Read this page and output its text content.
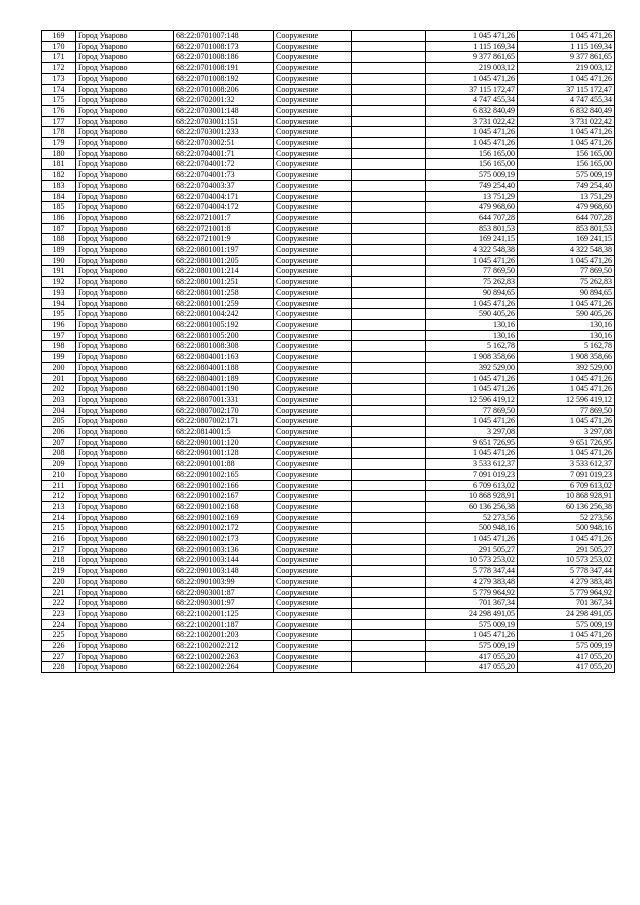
169	Город Уварово	68:22:0701007:148	Сооружение		1 045 471,26	1 045 471,26
170	Город Уварово	68:22:0701008:173	Сооружение		1 115 169,34	1 115 169,34
171	Город Уварово	68:22:0701008:186	Сооружение		9 377 861,65	9 377 861,65
172	Город Уварово	68:22:0701008:191	Сооружение		219 003,12	219 003,12
173	Город Уварово	68:22:0701008:192	Сооружение		1 045 471,26	1 045 471,26
174	Город Уварово	68:22:0701008:206	Сооружение		37 115 172,47	37 115 172,47
175	Город Уварово	68:22:0702001:32	Сооружение		4 747 455,34	4 747 455,34
176	Город Уварово	68:22:0703001:148	Сооружение		6 832 840,49	6 832 840,49
177	Город Уварово	68:22:0703001:151	Сооружение		3 731 022,42	3 731 022,42
178	Город Уварово	68:22:0703001:233	Сооружение		1 045 471,26	1 045 471,26
179	Город Уварово	68:22:0703002:51	Сооружение		1 045 471,26	1 045 471,26
180	Город Уварово	68:22:0704001:71	Сооружение		156 165,00	156 165,00
181	Город Уварово	68:22:0704001:72	Сооружение		156 165,00	156 165,00
182	Город Уварово	68:22:0704001:73	Сооружение		575 009,19	575 009,19
183	Город Уварово	68:22:0704003:37	Сооружение		749 254,40	749 254,40
184	Город Уварово	68:22:0704004:171	Сооружение		13 751,29	13 751,29
185	Город Уварово	68:22:0704004:172	Сооружение		479 968,60	479 968,60
186	Город Уварово	68:22:0721001:7	Сооружение		644 707,28	644 707,28
187	Город Уварово	68:22:0721001:8	Сооружение		853 801,53	853 801,53
188	Город Уварово	68:22:0721001:9	Сооружение		169 241,15	169 241,15
189	Город Уварово	68:22:0801001:197	Сооружение		4 322 548,38	4 322 548,38
190	Город Уварово	68:22:0801001:205	Сооружение		1 045 471,26	1 045 471,26
191	Город Уварово	68:22:0801001:214	Сооружение		77 869,50	77 869,50
192	Город Уварово	68:22:0801001:251	Сооружение		75 262,83	75 262,83
193	Город Уварово	68:22:0801001:258	Сооружение		90 894,65	90 894,65
194	Город Уварово	68:22:0801001:259	Сооружение		1 045 471,26	1 045 471,26
195	Город Уварово	68:22:0801004:242	Сооружение		590 405,26	590 405,26
196	Город Уварово	68:22:0801005:192	Сооружение		130,16	130,16
197	Город Уварово	68:22:0801005:200	Сооружение		130,16	130,16
198	Город Уварово	68:22:0801008:308	Сооружение		5 162,78	5 162,78
199	Город Уварово	68:22:0804001:163	Сооружение		1 908 358,66	1 908 358,66
200	Город Уварово	68:22:0804001:188	Сооружение		392 529,00	392 529,00
201	Город Уварово	68:22:0804001:189	Сооружение		1 045 471,26	1 045 471,26
202	Город Уварово	68:22:0804001:190	Сооружение		1 045 471,26	1 045 471,26
203	Город Уварово	68:22:0807001:331	Сооружение		12 596 419,12	12 596 419,12
204	Город Уварово	68:22:0807002:170	Сооружение		77 869,50	77 869,50
205	Город Уварово	68:22:0807002:171	Сооружение		1 045 471,26	1 045 471,26
206	Город Уварово	68:22:0814001:5	Сооружение		3 297,08	3 297,08
207	Город Уварово	68:22:0901001:120	Сооружение		9 651 726,95	9 651 726,95
208	Город Уварово	68:22:0901001:128	Сооружение		1 045 471,26	1 045 471,26
209	Город Уварово	68:22:0901001:88	Сооружение		3 533 612,37	3 533 612,37
210	Город Уварово	68:22:0901002:165	Сооружение		7 091 019,23	7 091 019,23
211	Город Уварово	68:22:0901002:166	Сооружение		6 709 613,02	6 709 613,02
212	Город Уварово	68:22:0901002:167	Сооружение		10 868 928,91	10 868 928,91
213	Город Уварово	68:22:0901002:168	Сооружение		60 136 256,38	60 136 256,38
214	Город Уварово	68:22:0901002:169	Сооружение		52 273,56	52 273,56
215	Город Уварово	68:22:0901002:172	Сооружение		500 948,16	500 948,16
216	Город Уварово	68:22:0901002:173	Сооружение		1 045 471,26	1 045 471,26
217	Город Уварово	68:22:0901003:136	Сооружение		291 505,27	291 505,27
218	Город Уварово	68:22:0901003:144	Сооружение		10 573 253,02	10 573 253,02
219	Город Уварово	68:22:0901003:148	Сооружение		5 778 347,44	5 778 347,44
220	Город Уварово	68:22:0901003:99	Сооружение		4 279 383,48	4 279 383,48
221	Город Уварово	68:22:0903001:87	Сооружение		5 779 964,92	5 779 964,92
222	Город Уварово	68:22:0903001:97	Сооружение		701 367,34	701 367,34
223	Город Уварово	68:22:1002001:125	Сооружение		24 298 491,05	24 298 491,05
224	Город Уварово	68:22:1002001:187	Сооружение		575 009,19	575 009,19
225	Город Уварово	68:22:1002001:203	Сооружение		1 045 471,26	1 045 471,26
226	Город Уварово	68:22:1002002:212	Сооружение		575 009,19	575 009,19
227	Город Уварово	68:22:1002002:263	Сооружение		417 055,20	417 055,20
228	Город Уварово	68:22:1002002:264	Сооружение		417 055,20	417 055,20
